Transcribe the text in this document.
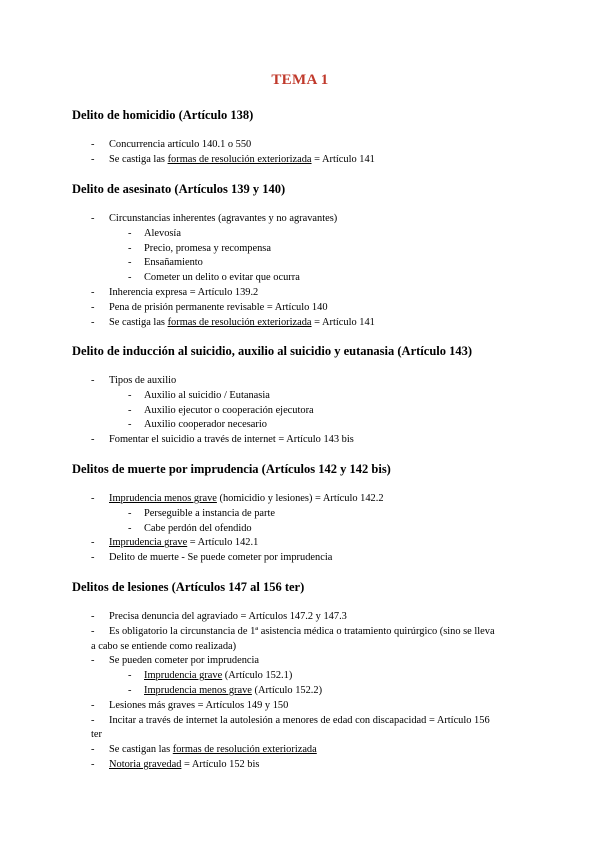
TEMA 1
Delito de homicidio (Artículo 138)
- Concurrencia artículo 140.1 o 550
- Se castiga las formas de resolución exteriorizada = Artículo 141
Delito de asesinato (Artículos 139 y 140)
- Circunstancias inherentes (agravantes y no agravantes)
- Alevosía
- Precio, promesa y recompensa
- Ensañamiento
- Cometer un delito o evitar que ocurra
- Inherencia expresa = Artículo 139.2
- Pena de prisión permanente revisable = Artículo 140
- Se castiga las formas de resolución exteriorizada = Artículo 141
Delito de inducción al suicidio, auxilio al suicidio y eutanasia (Artículo 143)
- Tipos de auxilio
- Auxilio al suicidio / Eutanasia
- Auxilio ejecutor o cooperación ejecutora
- Auxilio cooperador necesario
- Fomentar el suicidio a través de internet = Artículo 143 bis
Delitos de muerte por imprudencia (Artículos 142 y 142 bis)
- Imprudencia menos grave (homicidio y lesiones) = Artículo 142.2
- Perseguible a instancia de parte
- Cabe perdón del ofendido
- Imprudencia grave = Artículo 142.1
- Delito de muerte - Se puede cometer por imprudencia
Delitos de lesiones (Artículos 147 al 156 ter)
- Precisa denuncia del agraviado = Artículos 147.2 y 147.3
- Es obligatorio la circunstancia de 1ª asistencia médica o tratamiento quirúrgico (sino se lleva
a cabo se entiende como realizada)
- Se pueden cometer por imprudencia
- Imprudencia grave (Artículo 152.1)
- Imprudencia menos grave (Artículo 152.2)
- Lesiones más graves = Artículos 149 y 150
- Incitar a través de internet la autolesión a menores de edad con discapacidad = Artículo 156
ter
- Se castigan las formas de resolución exteriorizada
- Notoria gravedad = Artículo 152 bis
